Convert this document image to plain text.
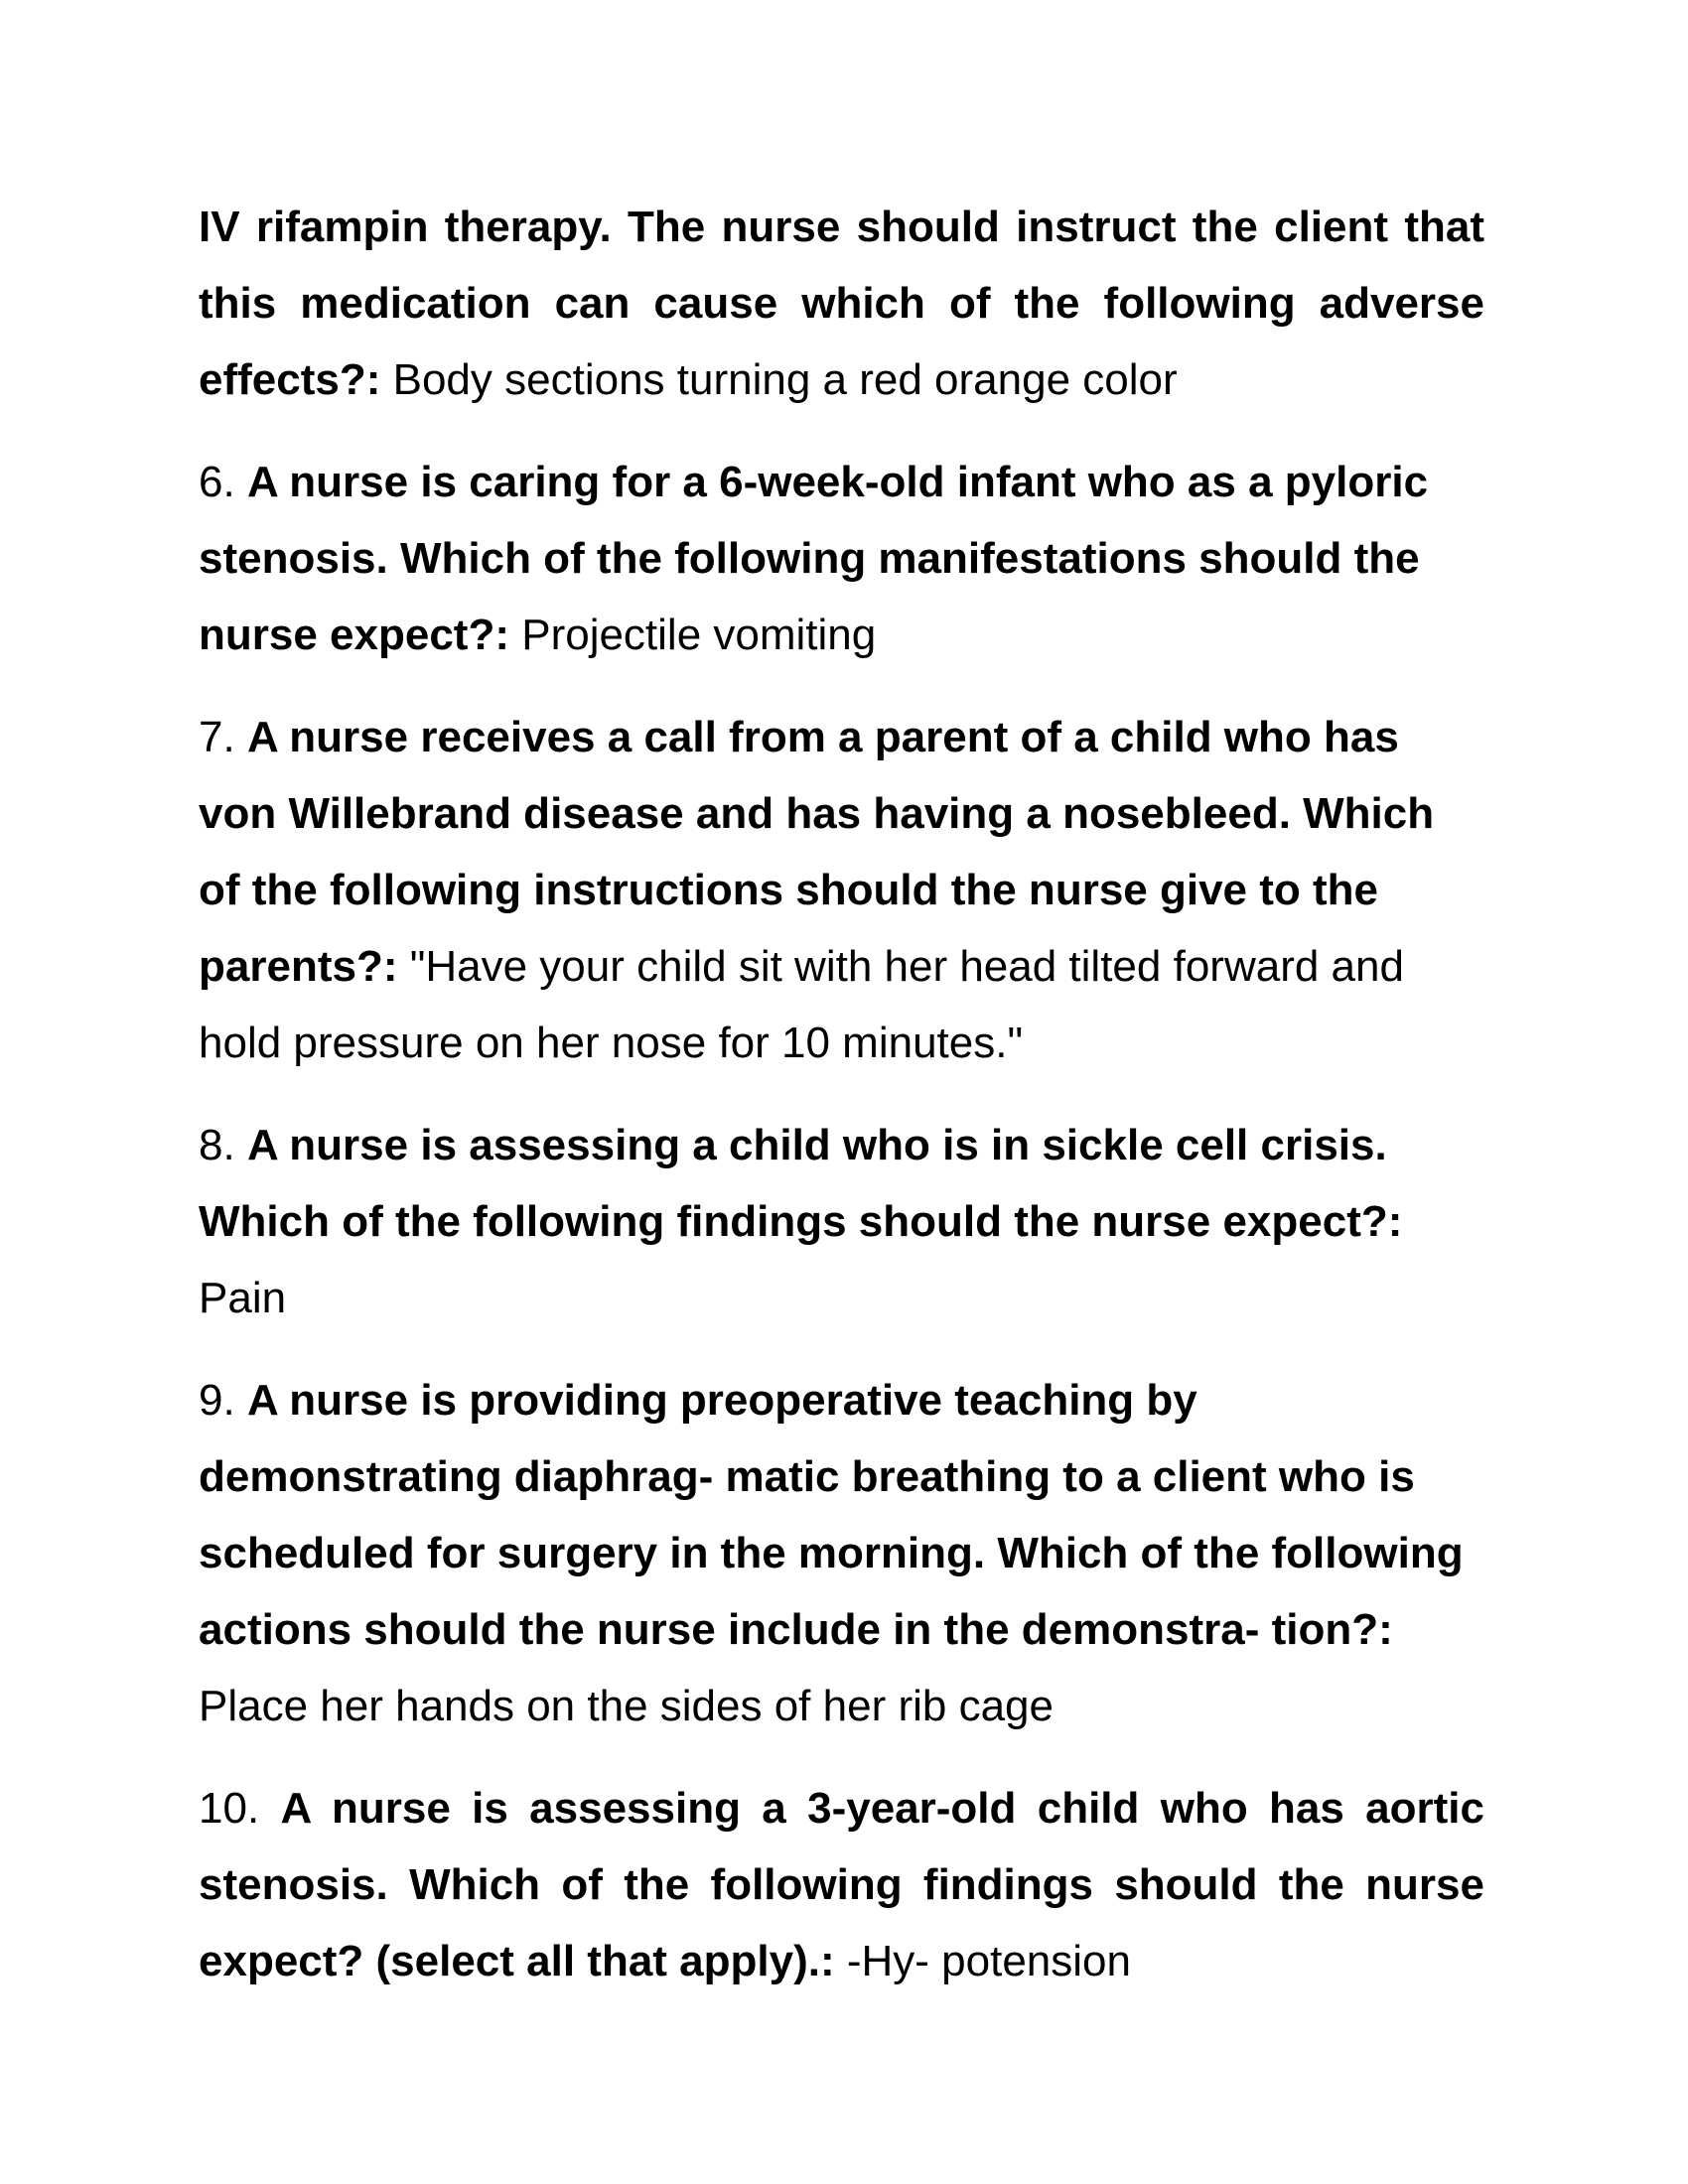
IV rifampin therapy. The nurse should instruct the client that this medication can cause which of the following adverse effects?: Body sections turning a red orange color

6. A nurse is caring for a 6-week-old infant who as a pyloric stenosis. Which of the following manifestations should the nurse expect?: Projectile vomiting

7. A nurse receives a call from a parent of a child who has von Willebrand disease and has having a nosebleed. Which of the following instructions should the nurse give to the parents?: "Have your child sit with her head tilted forward and hold pressure on her nose for 10 minutes."

8. A nurse is assessing a child who is in sickle cell crisis. Which of the following findings should the nurse expect?: Pain

9. A nurse is providing preoperative teaching by demonstrating diaphrag- matic breathing to a client who is scheduled for surgery in the morning. Which of the following actions should the nurse include in the demonstra- tion?: Place her hands on the sides of her rib cage

10. A nurse is assessing a 3-year-old child who has aortic stenosis. Which of the following findings should the nurse expect? (select all that apply).: -Hy- potension
